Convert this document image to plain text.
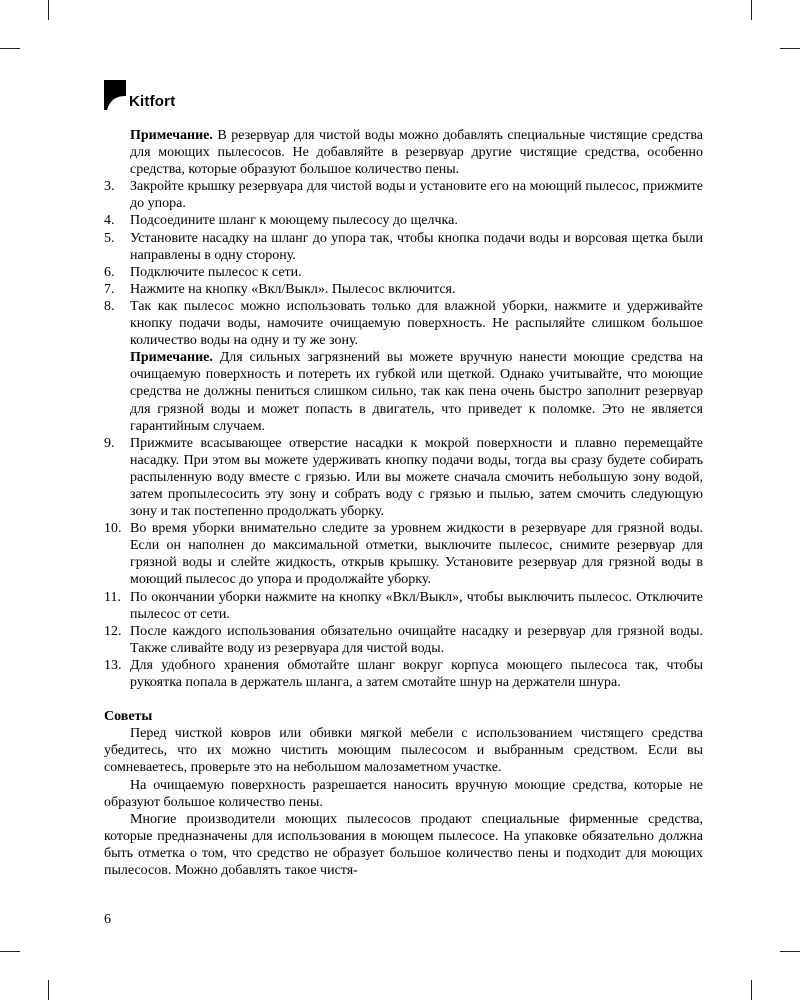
Kitfort
Примечание. В резервуар для чистой воды можно добавлять специальные чистящие средства для моющих пылесосов. Не добавляйте в резервуар другие чистящие средства, особенно средства, которые образуют большое количество пены.
3. Закройте крышку резервуара для чистой воды и установите его на моющий пылесос, прижмите до упора.
4. Подсоедините шланг к моющему пылесосу до щелчка.
5. Установите насадку на шланг до упора так, чтобы кнопка подачи воды и ворсовая щетка были направлены в одну сторону.
6. Подключите пылесос к сети.
7. Нажмите на кнопку «Вкл/Выкл». Пылесос включится.
8. Так как пылесос можно использовать только для влажной уборки, нажмите и удерживайте кнопку подачи воды, намочите очищаемую поверхность. Не распыляйте слишком большое количество воды на одну и ту же зону.
Примечание. Для сильных загрязнений вы можете вручную нанести моющие средства на очищаемую поверхность и потереть их губкой или щеткой. Однако учитывайте, что моющие средства не должны пениться слишком сильно, так как пена очень быстро заполнит резервуар для грязной воды и может попасть в двигатель, что приведет к поломке. Это не является гарантийным случаем.
9. Прижмите всасывающее отверстие насадки к мокрой поверхности и плавно перемещайте насадку. При этом вы можете удерживать кнопку подачи воды, тогда вы сразу будете собирать распыленную воду вместе с грязью. Или вы можете сначала смочить небольшую зону водой, затем пропылесосить эту зону и собрать воду с грязью и пылью, затем смочить следующую зону и так постепенно продолжать уборку.
10. Во время уборки внимательно следите за уровнем жидкости в резервуаре для грязной воды. Если он наполнен до максимальной отметки, выключите пылесос, снимите резервуар для грязной воды и слейте жидкость, открыв крышку. Установите резервуар для грязной воды в моющий пылесос до упора и продолжайте уборку.
11. По окончании уборки нажмите на кнопку «Вкл/Выкл», чтобы выключить пылесос. Отключите пылесос от сети.
12. После каждого использования обязательно очищайте насадку и резервуар для грязной воды. Также сливайте воду из резервуара для чистой воды.
13. Для удобного хранения обмотайте шланг вокруг корпуса моющего пылесоса так, чтобы рукоятка попала в держатель шланга, а затем смотайте шнур на держатели шнура.
Советы
Перед чисткой ковров или обивки мягкой мебели с использованием чистящего средства убедитесь, что их можно чистить моющим пылесосом и выбранным средством. Если вы сомневаетесь, проверьте это на небольшом малозаметном участке.
На очищаемую поверхность разрешается наносить вручную моющие средства, которые не образуют большое количество пены.
Многие производители моющих пылесосов продают специальные фирменные средства, которые предназначены для использования в моющем пылесосе. На упаковке обязательно должна быть отметка о том, что средство не образует большое количество пены и подходит для моющих пылесосов. Можно добавлять такое чистя-
6
